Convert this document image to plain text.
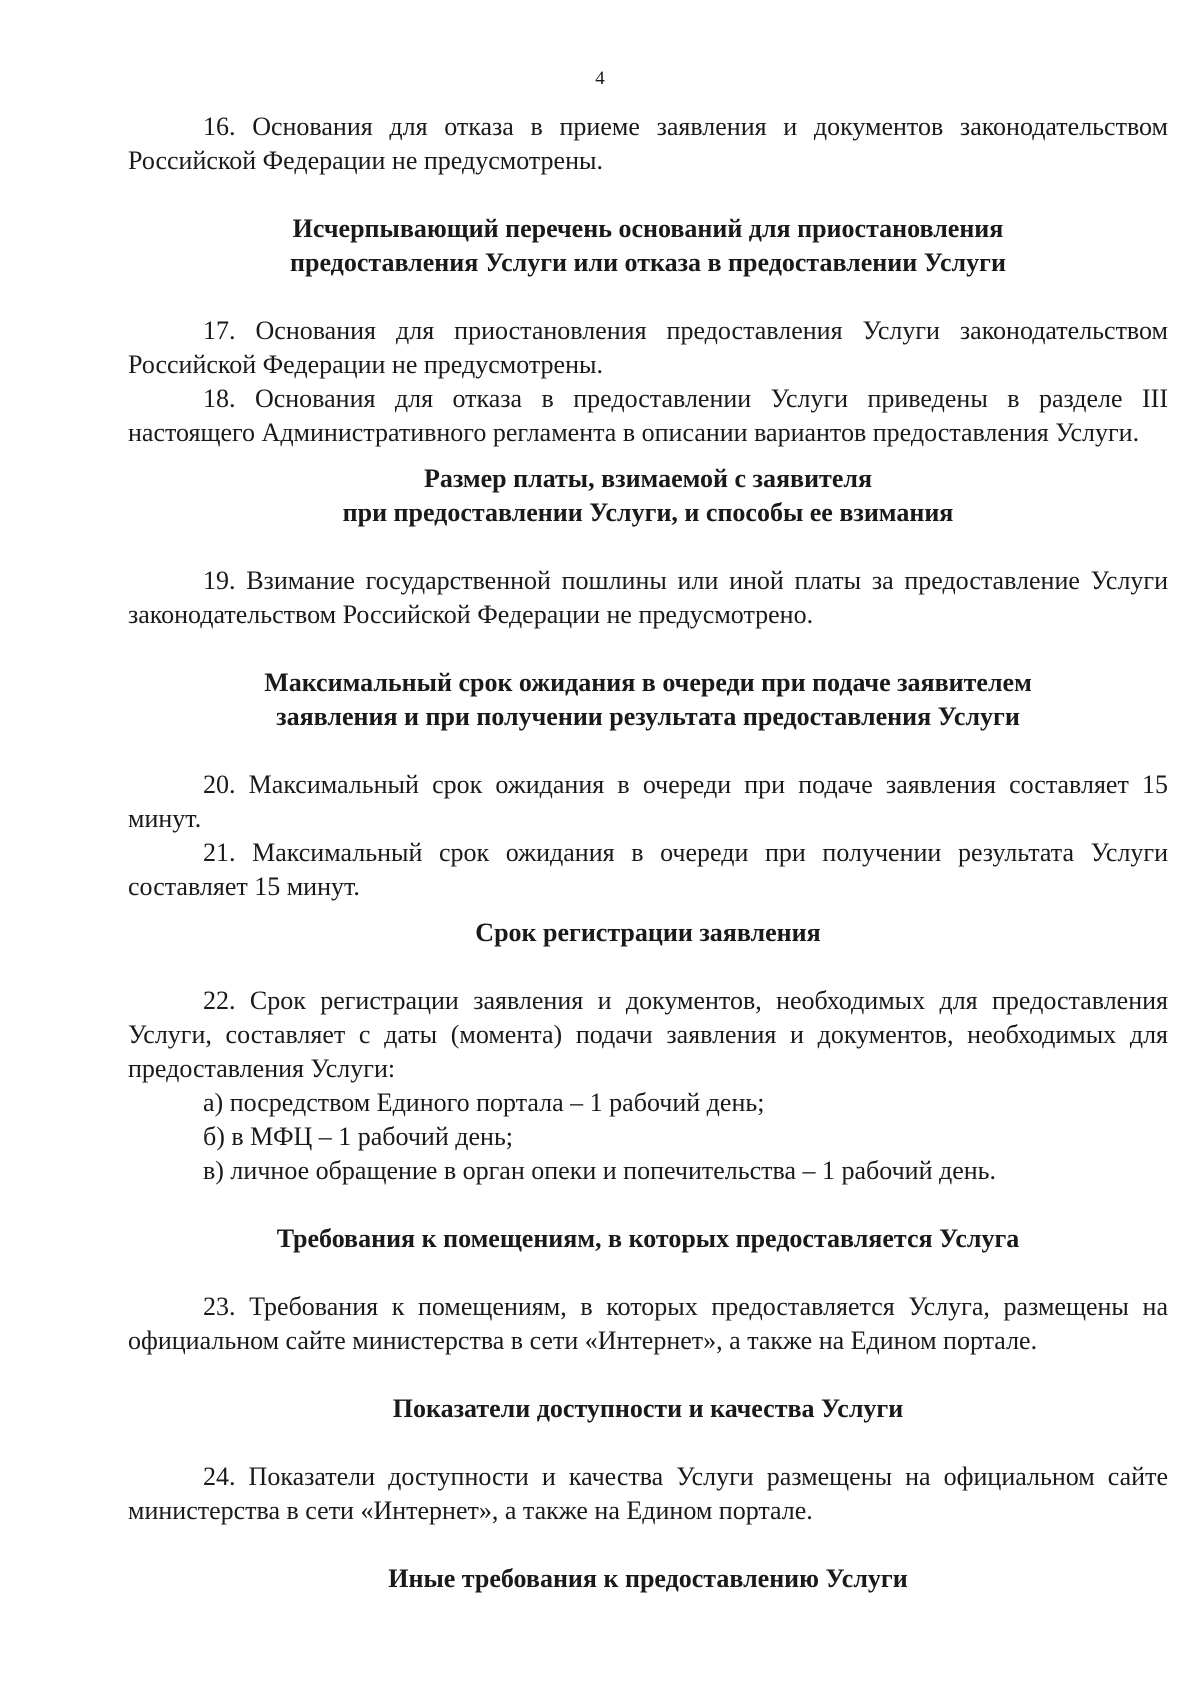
4

16. Основания для отказа в приеме заявления и документов законодательством Российской Федерации не предусмотрены.

Исчерпывающий перечень оснований для приостановления
предоставления Услуги или отказа в предоставлении Услуги

17. Основания для приостановления предоставления Услуги законодательством Российской Федерации не предусмотрены.

18. Основания для отказа в предоставлении Услуги приведены в разделе III настоящего Административного регламента в описании вариантов предоставления Услуги.

Размер платы, взимаемой с заявителя
при предоставлении Услуги, и способы ее взимания

19. Взимание государственной пошлины или иной платы за предоставление Услуги законодательством Российской Федерации не предусмотрено.

Максимальный срок ожидания в очереди при подаче заявителем
заявления и при получении результата предоставления Услуги

20. Максимальный срок ожидания в очереди при подаче заявления составляет 15 минут.

21. Максимальный срок ожидания в очереди при получении результата Услуги составляет 15 минут.

Срок регистрации заявления

22. Срок регистрации заявления и документов, необходимых для предоставления Услуги, составляет с даты (момента) подачи заявления и документов, необходимых для предоставления Услуги:

а) посредством Единого портала – 1 рабочий день;

б) в МФЦ – 1 рабочий день;

в) личное обращение в орган опеки и попечительства – 1 рабочий день.

Требования к помещениям, в которых предоставляется Услуга

23. Требования к помещениям, в которых предоставляется Услуга, размещены на официальном сайте министерства в сети «Интернет», а также на Едином портале.

Показатели доступности и качества Услуги

24. Показатели доступности и качества Услуги размещены на официальном сайте министерства в сети «Интернет», а также на Едином портале.

Иные требования к предоставлению Услуги
